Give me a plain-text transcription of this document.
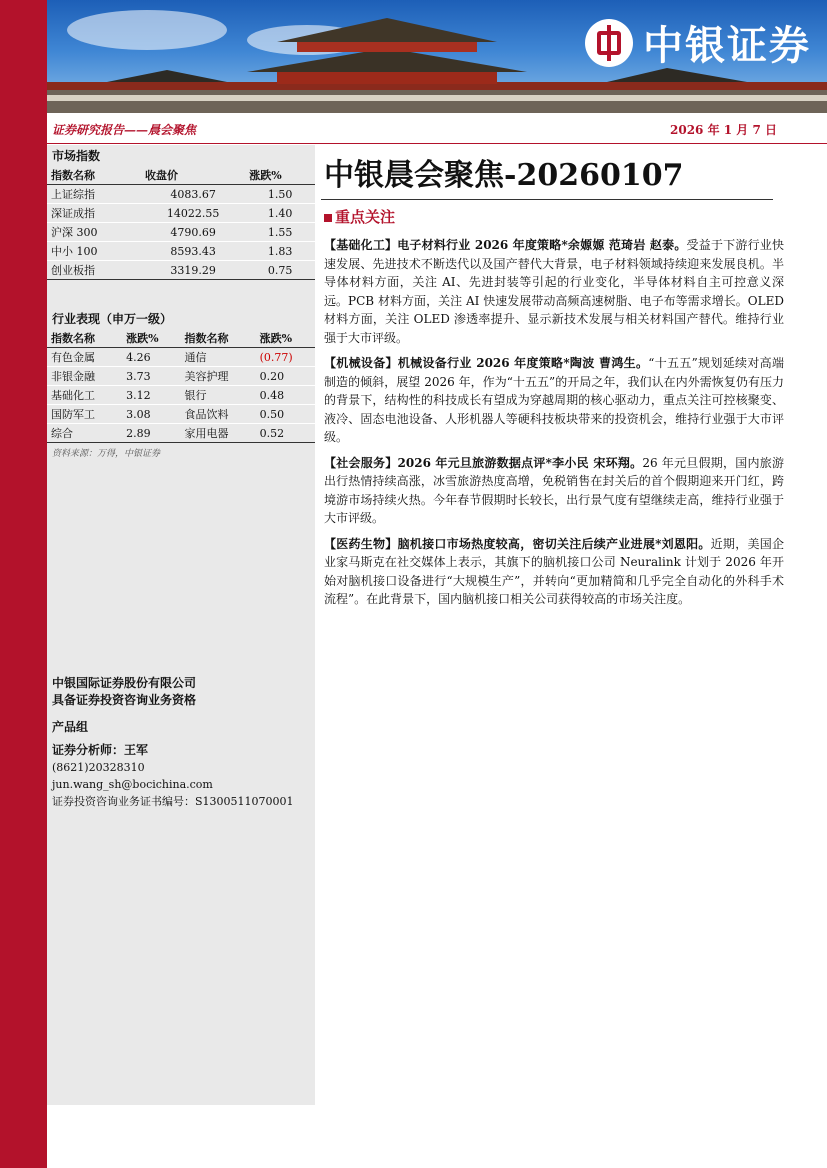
中银证券
证券研究报告——晨会聚焦	2026 年 1 月 7 日
市场指数
指数名称	收盘价	涨跌%
上证综指	4083.67	1.50
深证成指	14022.55	1.40
沪深 300	4790.69	1.55
中小 100	8593.43	1.83
创业板指	3319.29	0.75
行业表现（申万一级）
指数名称	涨跌%	指数名称	涨跌%
有色金属	4.26	通信	(0.77)
非银金融	3.73	美容护理	0.20
基础化工	3.12	银行	0.48
国防军工	3.08	食品饮料	0.50
综合	2.89	家用电器	0.52
资料来源：万得，中银证券
中银国际证券股份有限公司
具备证券投资咨询业务资格
产品组
证券分析师：王军
(8621)20328310
jun.wang_sh@bocichina.com
证券投资咨询业务证书编号：S1300511070001
中银晨会聚焦-20260107
重点关注

【基础化工】电子材料行业 2026 年度策略*余嫄嫄 范琦岩 赵泰。受益于下游行业快速发展、先进技术不断迭代以及国产替代大背景，电子材料领域持续迎来发展良机。半导体材料方面，关注 AI、先进封装等引起的行业变化，半导体材料自主可控意义深远。PCB 材料方面，关注 AI 快速发展带动高频高速树脂、电子布等需求增长。OLED 材料方面，关注 OLED 渗透率提升、显示新技术发展与相关材料国产替代。维持行业强于大市评级。

【机械设备】机械设备行业 2026 年度策略*陶波 曹鸿生。“十五五”规划延续对高端制造的倾斜，展望 2026 年，作为“十五五”的开局之年，我们认在内外需恢复仍有压力的背景下，结构性的科技成长有望成为穿越周期的核心驱动力，重点关注可控核聚变、液冷、固态电池设备、人形机器人等硬科技板块带来的投资机会，维持行业强于大市评级。

【社会服务】2026 年元旦旅游数据点评*李小民 宋环翔。26 年元旦假期，国内旅游出行热情持续高涨，冰雪旅游热度高增，免税销售在封关后的首个假期迎来开门红，跨境游市场持续火热。今年春节假期时长较长，出行景气度有望继续走高，维持行业强于大市评级。

【医药生物】脑机接口市场热度较高，密切关注后续产业进展*刘恩阳。近期，美国企业家马斯克在社交媒体上表示，其旗下的脑机接口公司 Neuralink 计划于 2026 年开始对脑机接口设备进行“大规模生产”，并转向“更加精简和几乎完全自动化的外科手术流程”。在此背景下，国内脑机接口相关公司获得较高的市场关注度。
